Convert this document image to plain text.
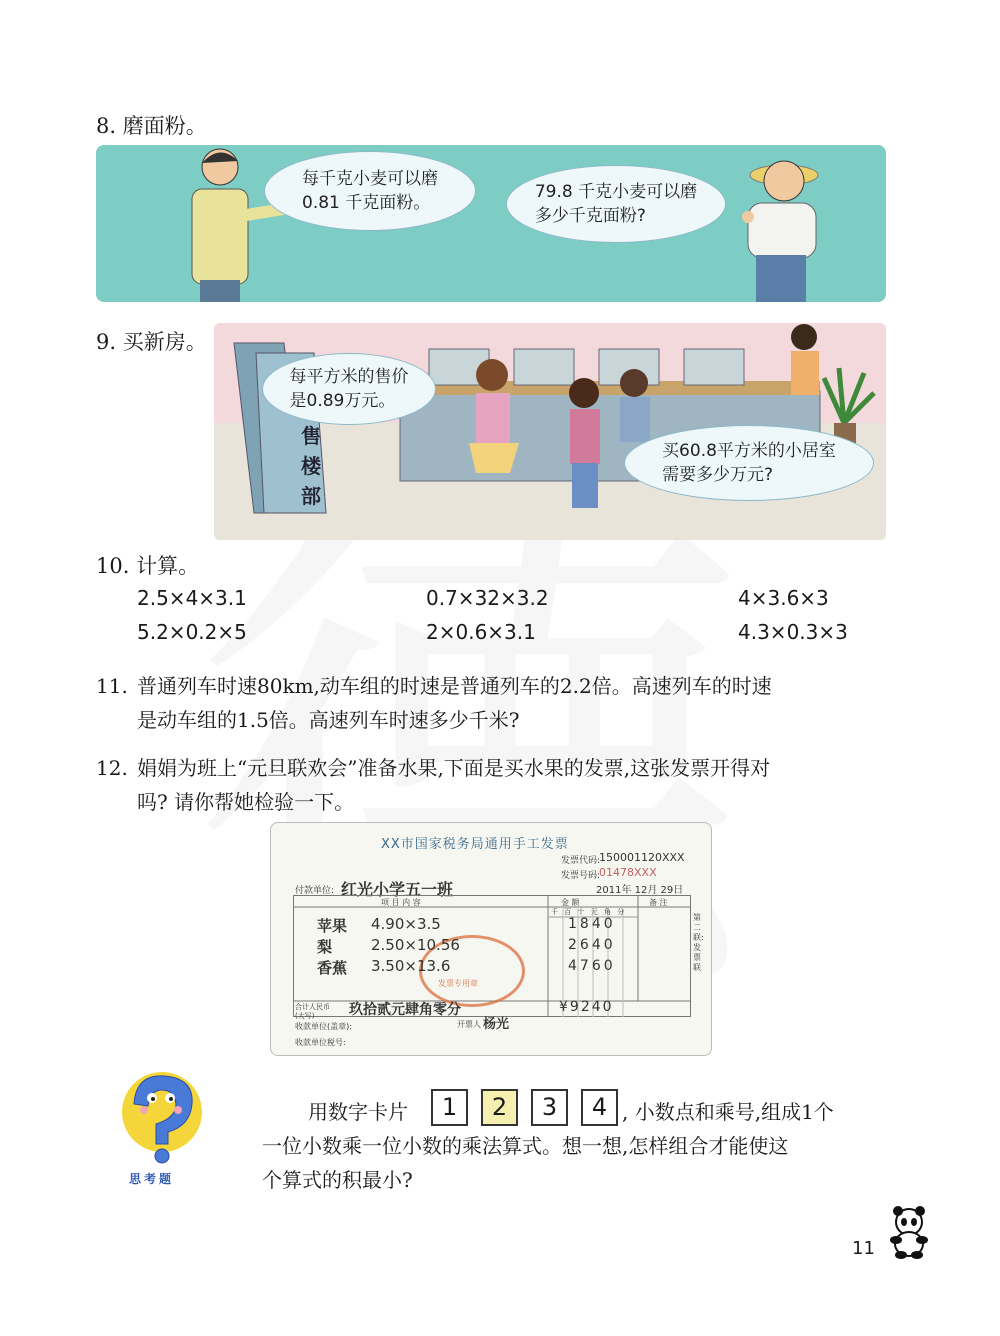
8. 磨面粉。
每千克小麦可以磨
0.81 千克面粉。
79.8 千克小麦可以磨
多少千克面粉?
9. 买新房。
售
楼
部
每平方米的售价
是0.89万元。
买60.8平方米的小居室
需要多少万元?
10. 计算。
2.5×4×3.1	0.7×32×3.2	4×3.6×3
5.2×0.2×5	2×0.6×3.1	4.3×0.3×3
11. 普通列车时速80km,动车组的时速是普通列车的2.2倍。高速列车的时速
是动车组的1.5倍。高速列车时速多少千米?
12. 娟娟为班上“元旦联欢会”准备水果,下面是买水果的发票,这张发票开得对
吗? 请你帮她检验一下。
XX市国家税务局通用手工发票
发票代码:
150001120XXX
发票号码:
01478XXX
付款单位: 红光小学五一班	2011年 12月 29日
项 目 内 容	金 额	备 注
千 百 十 元 角 分
第二联:发票联
发票专用章
苹果 4.90×3.5	1840
梨	2.50×10.56	2640
香蕉 3.50×13.6	4760
合计人民币(大写)	玖拾贰元肆角零分	¥9240
收款单位(盖章):	开票人 杨光
收款单位税号:
思考题
用数字卡片	1	2	3	4 , 小数点和乘号,组成1个
一位小数乘一位小数的乘法算式。想一想,怎样组合才能使这
个算式的积最小?
11
